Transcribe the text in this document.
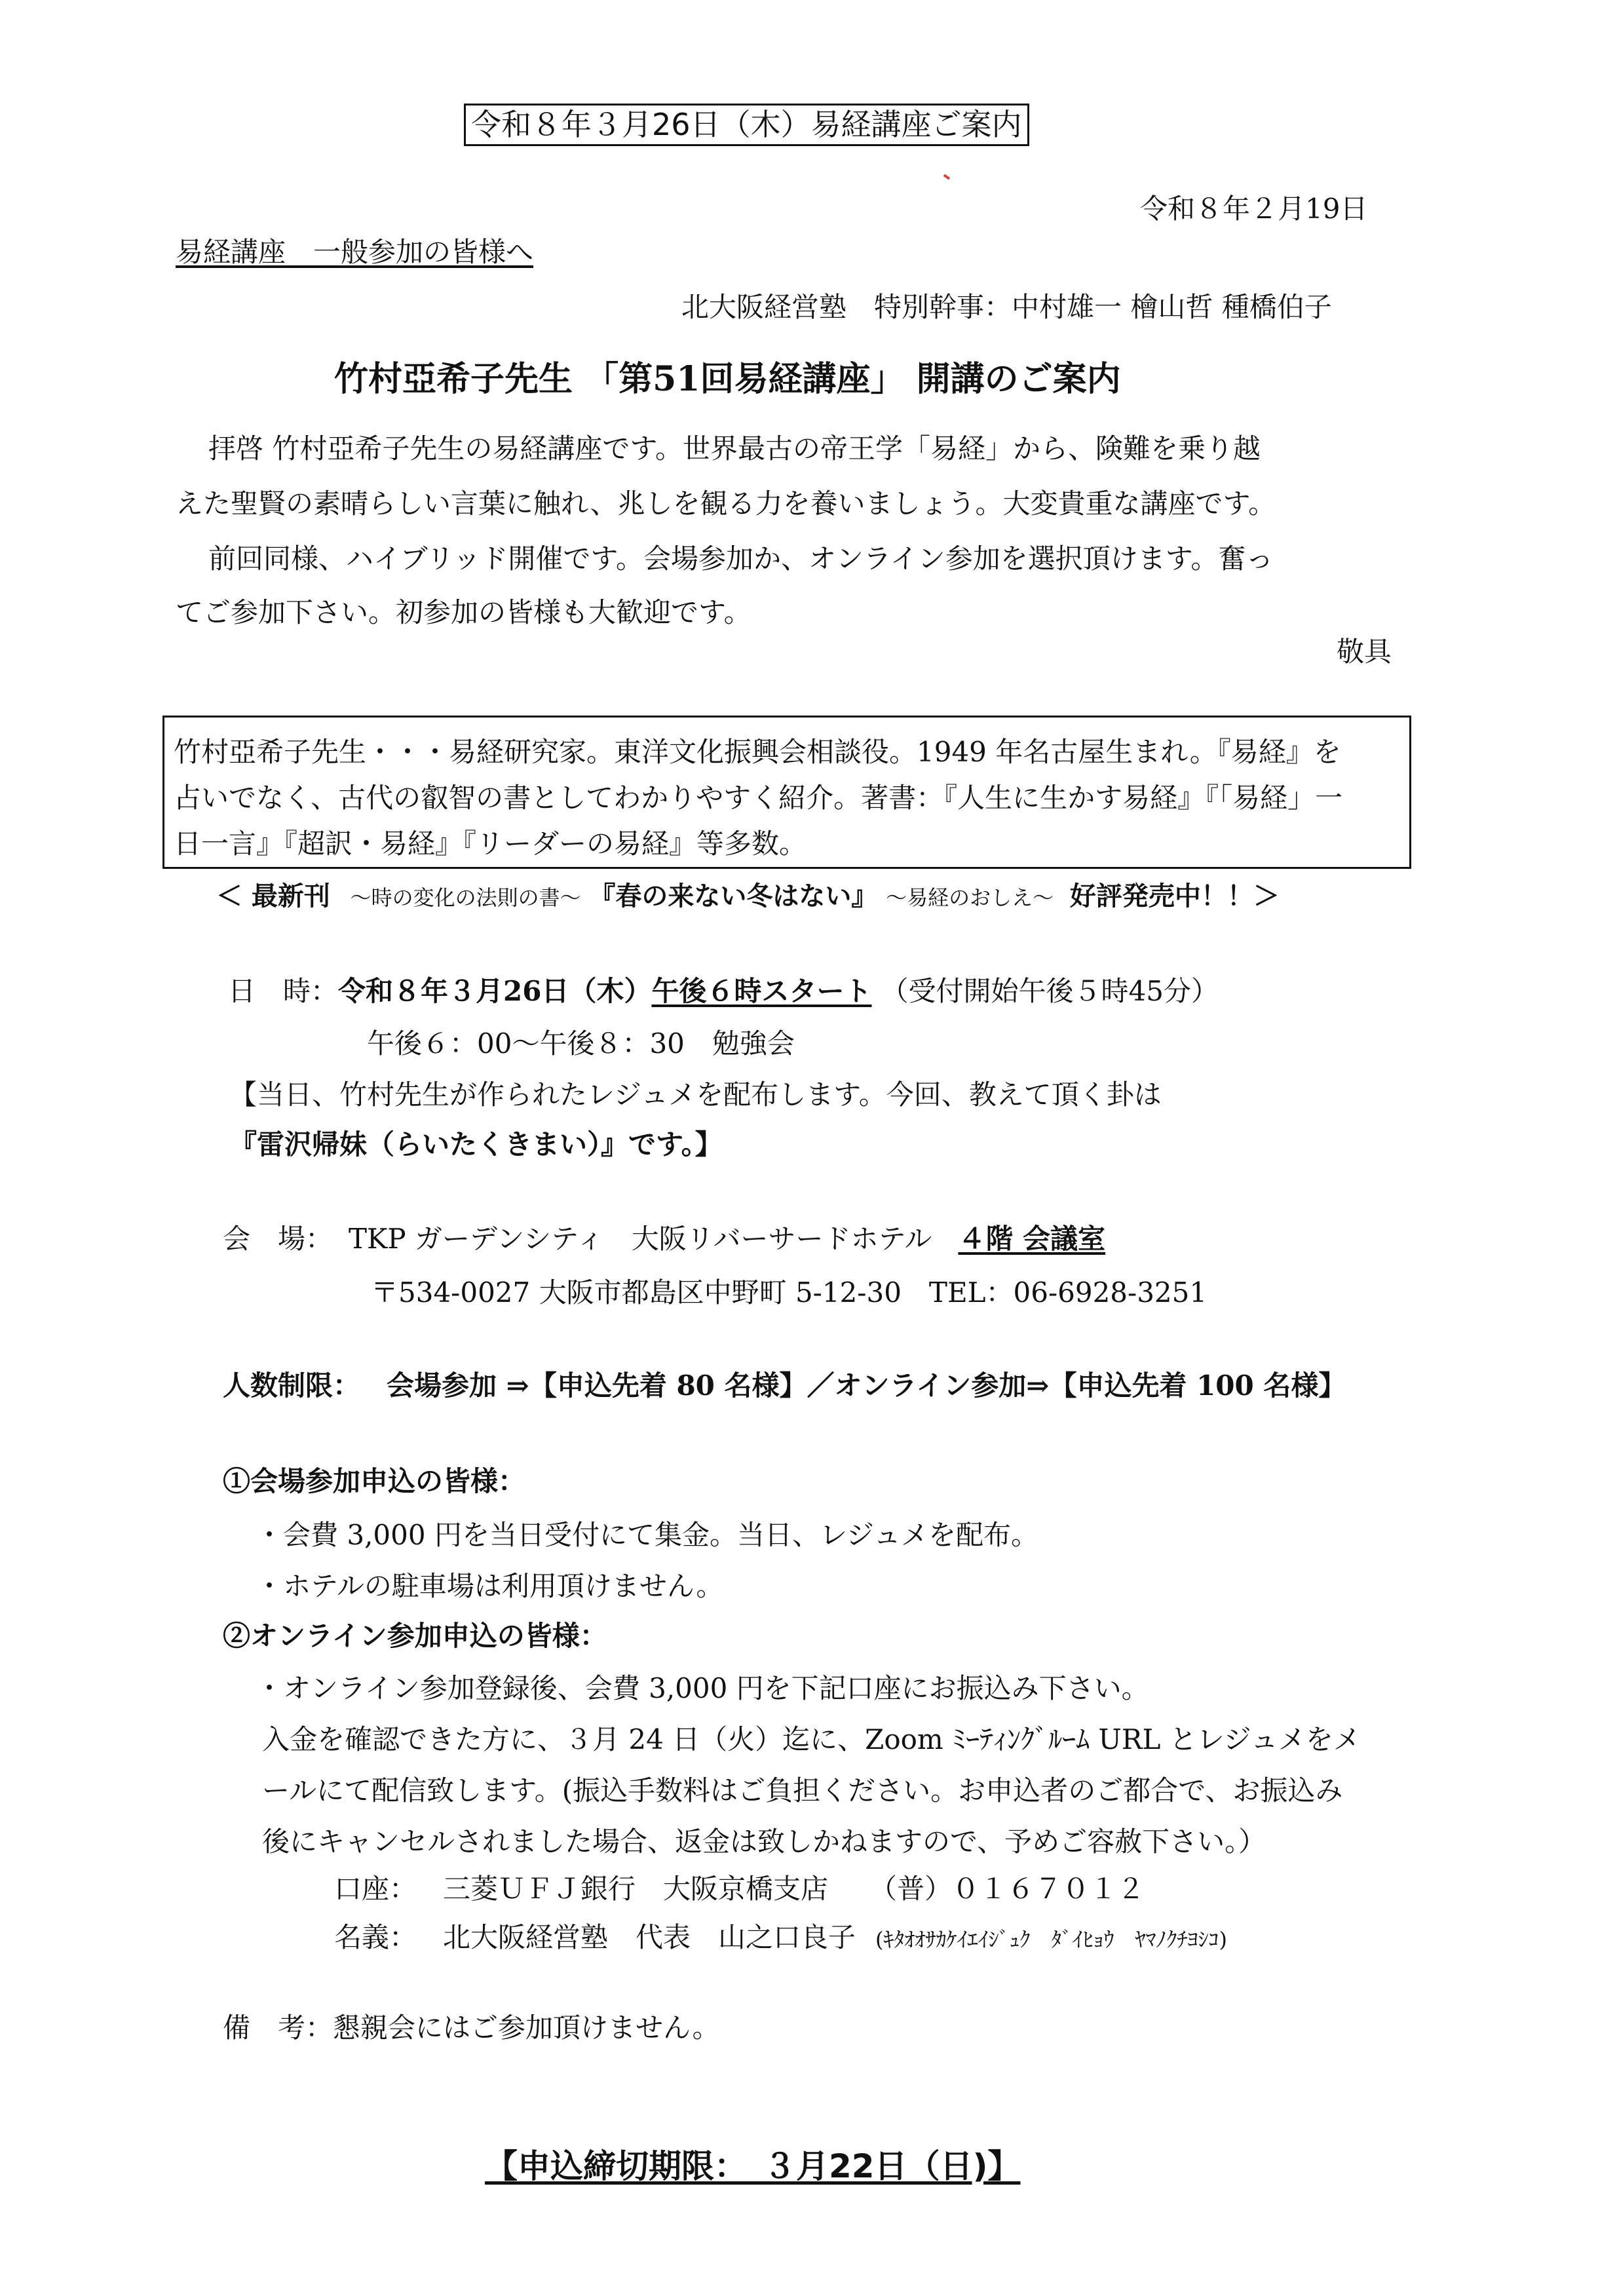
令和８年３月26日（木）易経講座ご案内
令和８年２月19日
易経講座　一般参加の皆様へ
北大阪経営塾　特別幹事：中村雄一 檜山哲 種橋伯子
竹村亞希子先生 「第51回易経講座」 開講のご案内
拝啓 竹村亞希子先生の易経講座です。世界最古の帝王学「易経」から、険難を乗り越
えた聖賢の素晴らしい言葉に触れ、兆しを観る力を養いましょう。大変貴重な講座です。
前回同様、ハイブリッド開催です。会場参加か、オンライン参加を選択頂けます。奮っ
てご参加下さい。初参加の皆様も大歓迎です。
敬具
竹村亞希子先生・・・易経研究家。東洋文化振興会相談役。1949 年名古屋生まれ。『易経』を
占いでなく、古代の叡智の書としてわかりやすく紹介。著書：『人生に生かす易経』『「易経」一
日一言』『超訳・易経』『リーダーの易経』等多数。
＜ 最新刊 ～時の変化の法則の書～ 『春の来ない冬はない』 ～易経のおしえ～ 好評発売中！！＞
日　時：令和８年３月26日（木）午後６時スタート （受付開始午後５時45分）
午後６：00～午後８：30　勉強会
【当日、竹村先生が作られたレジュメを配布します。今回、教えて頂く卦は
『雷沢帰妹（らいたくきまい）』です。】
会　場： TKP ガーデンシティ　大阪リバーサードホテル ４階 会議室
〒534-0027 大阪市都島区中野町 5-12-30　TEL：06-6928-3251
人数制限： 会場参加 ⇒【申込先着 80 名様】／オンライン参加⇒【申込先着 100 名様】
①会場参加申込の皆様：
・会費 3,000 円を当日受付にて集金。当日、レジュメを配布。
・ホテルの駐車場は利用頂けません。
②オンライン参加申込の皆様：
・オンライン参加登録後、会費 3,000 円を下記口座にお振込み下さい。
入金を確認できた方に、３月 24 日（火）迄に、Zoom ﾐｰﾃｨﾝｸﾞﾙｰﾑ URL とレジュメをメ
ールにて配信致します。(振込手数料はご負担ください。お申込者のご都合で、お振込み
後にキャンセルされました場合、返金は致しかねますので、予めご容赦下さい。）
口座： 三菱ＵＦＪ銀行　大阪京橋支店　　（普）０１６７０１２
名義： 北大阪経営塾　代表　山之口良子 (ｷﾀｵｵｻｶｹｲｴｲｼﾞｭｸ　ﾀﾞｲﾋｮｳ　ﾔﾏﾉｸﾁﾖｼｺ)
備　考：懇親会にはご参加頂けません。
【申込締切期限：　３月22日（日)】
